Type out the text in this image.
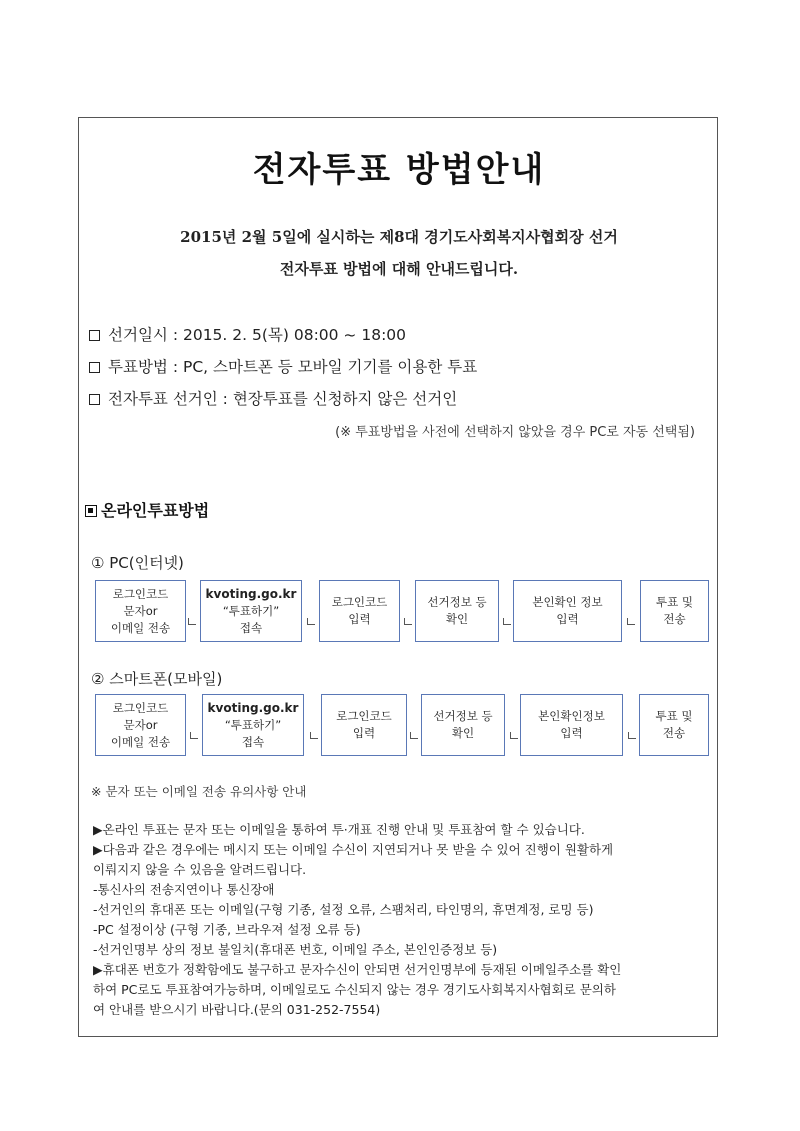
전자투표 방법안내
2015년 2월 5일에 실시하는 제8대 경기도사회복지사협회장 선거
전자투표 방법에 대해 안내드립니다.
선거일시 : 2015. 2. 5(목) 08:00 ~ 18:00
투표방법 : PC, 스마트폰 등 모바일 기기를 이용한 투표
전자투표 선거인 : 현장투표를 신청하지 않은 선거인
(※ 투표방법을 사전에 선택하지 않았을 경우 PC로 자동 선택됨)
온라인투표방법
① PC(인터넷)
로그인코드
문자or
이메일 전송
kvoting.go.kr
“투표하기”
접속
로그인코드
입력
선거정보 등
확인
본인확인 정보
입력
투표 및
전송
② 스마트폰(모바일)
로그인코드
문자or
이메일 전송
kvoting.go.kr
“투표하기”
접속
로그인코드
입력
선거정보 등
확인
본인확인정보
입력
투표 및
전송
※ 문자 또는 이메일 전송 유의사항 안내
▶온라인 투표는 문자 또는 이메일을 통하여 투·개표 진행 안내 및 투표참여 할 수 있습니다.
▶다음과 같은 경우에는 메시지 또는 이메일 수신이 지연되거나 못 받을 수 있어 진행이 원활하게
이뤄지지 않을 수 있음을 알려드립니다.
-통신사의 전송지연이나 통신장애
-선거인의 휴대폰 또는 이메일(구형 기종, 설정 오류, 스팸처리, 타인명의, 휴면계정, 로밍 등)
-PC 설정이상 (구형 기종, 브라우져 설정 오류 등)
-선거인명부 상의 정보 불일치(휴대폰 번호, 이메일 주소, 본인인증정보 등)
▶휴대폰 번호가 정확함에도 불구하고 문자수신이 안되면 선거인명부에 등재된 이메일주소를 확인
하여 PC로도 투표참여가능하며, 이메일로도 수신되지 않는 경우 경기도사회복지사협회로 문의하
여 안내를 받으시기 바랍니다.(문의 031-252-7554)
